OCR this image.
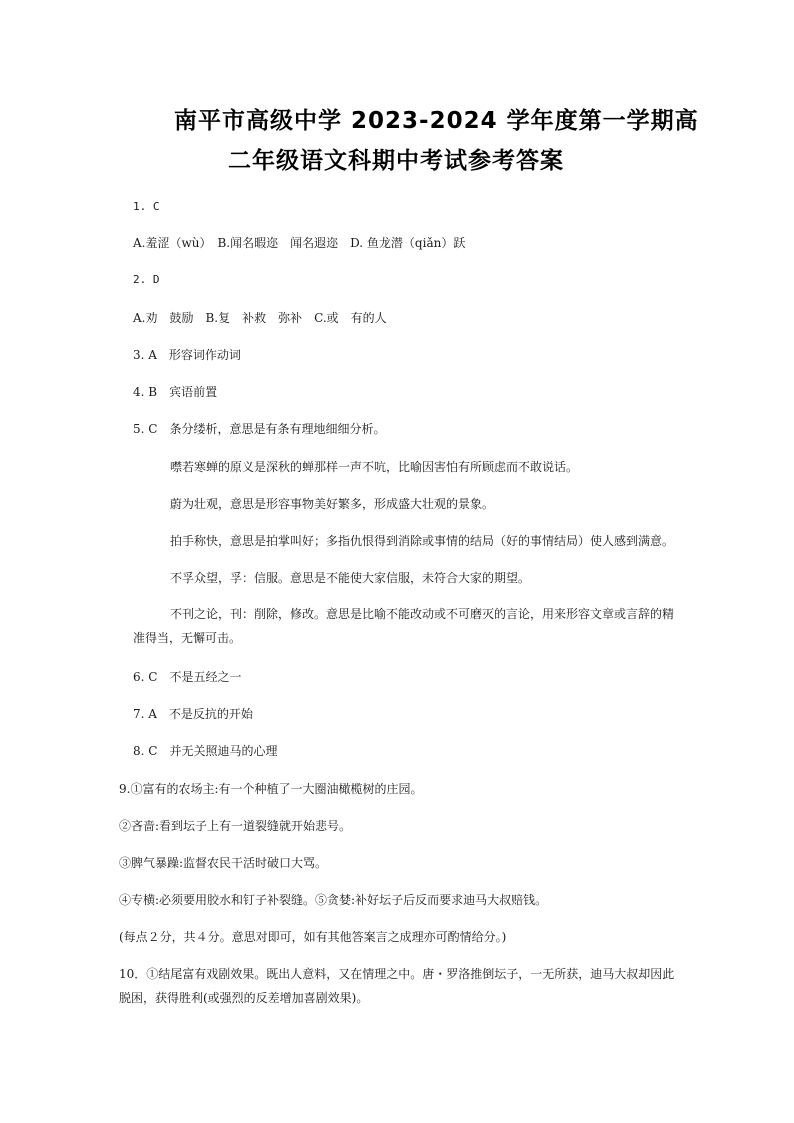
南平市高级中学 2023-2024 学年度第一学期高
二年级语文科期中考试参考答案
1. C
A.羞涩（wù）　B.闻名暇迩　闻名遐迩　D. 鱼龙潜（qiǎn）跃
2. D
A.劝　鼓励　B.复　补救　弥补　C.或　有的人
3. A　形容词作动词
4. B　宾语前置
5. C　条分缕析，意思是有条有理地细细分析。
噤若寒蝉的原义是深秋的蝉那样一声不吭，比喻因害怕有所顾虑而不敢说话。
蔚为壮观，意思是形容事物美好繁多，形成盛大壮观的景象。
拍手称快，意思是拍掌叫好；多指仇恨得到消除或事情的结局（好的事情结局）使人感到满意。
不孚众望，孚：信服。意思是不能使大家信服，未符合大家的期望。
不刊之论，刊：削除，修改。意思是比喻不能改动或不可磨灭的言论，用来形容文章或言辞的精准得当，无懈可击。
6. C　不是五经之一
7. A　不是反抗的开始
8. C　并无关照迪马的心理
9.①富有的农场主:有一个种植了一大圈油橄榄树的庄园。
②吝啬:看到坛子上有一道裂缝就开始悲号。
③脾气暴躁:监督农民干活时破口大骂。
④专横:必须要用胶水和钉子补裂缝。⑤贪婪:补好坛子后反而要求迪马大叔赔钱。
(每点２分，共４分。意思对即可，如有其他答案言之成理亦可酌情给分。)
10．①结尾富有戏剧效果。既出人意料，又在情理之中。唐・罗洛推倒坛子，一无所获，迪马大叔却因此脱困，获得胜利(或强烈的反差增加喜剧效果)。
